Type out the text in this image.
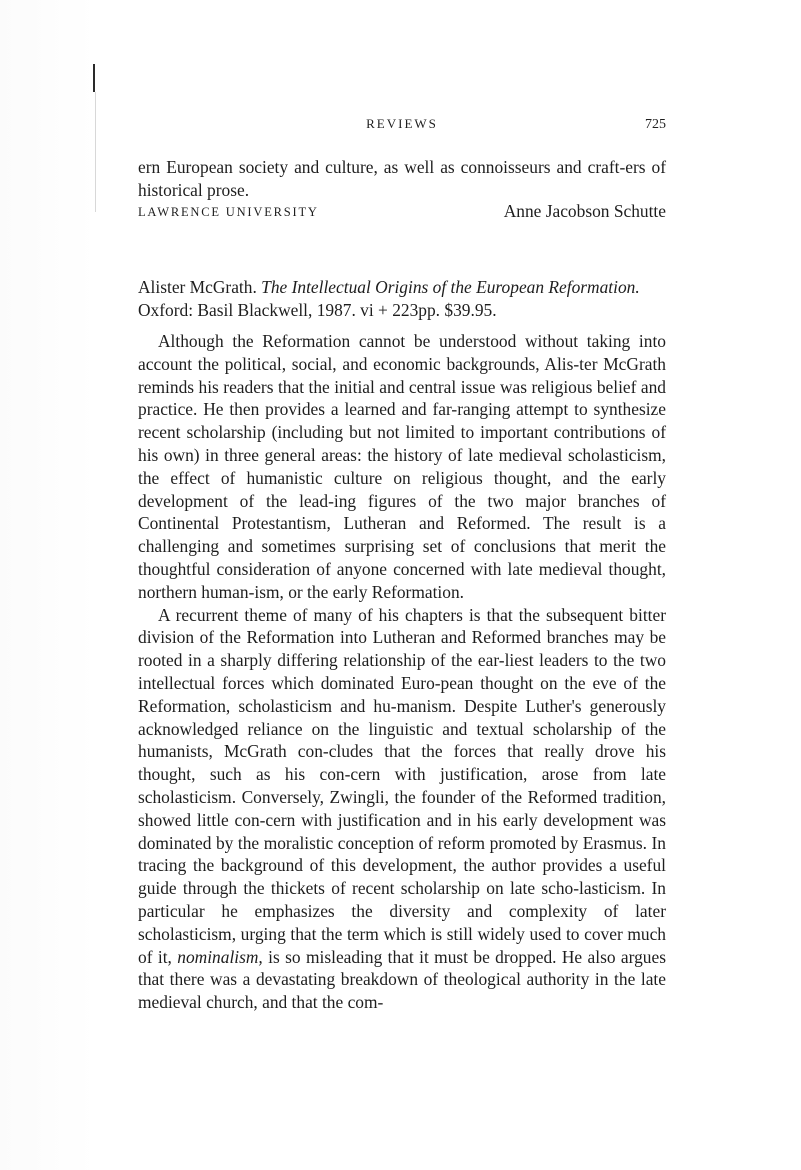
REVIEWS	725
ern European society and culture, as well as connoisseurs and craft-ers of historical prose.
LAWRENCE UNIVERSITY	Anne Jacobson Schutte
Alister McGrath. The Intellectual Origins of the European Reformation.
Oxford: Basil Blackwell, 1987. vi + 223pp. $39.95.

Although the Reformation cannot be understood without taking into account the political, social, and economic backgrounds, Alis-ter McGrath reminds his readers that the initial and central issue was religious belief and practice. He then provides a learned and far-ranging attempt to synthesize recent scholarship (including but not limited to important contributions of his own) in three general areas: the history of late medieval scholasticism, the effect of humanistic culture on religious thought, and the early development of the lead-ing figures of the two major branches of Continental Protestantism, Lutheran and Reformed. The result is a challenging and sometimes surprising set of conclusions that merit the thoughtful consideration of anyone concerned with late medieval thought, northern human-ism, or the early Reformation.

A recurrent theme of many of his chapters is that the subsequent bitter division of the Reformation into Lutheran and Reformed branches may be rooted in a sharply differing relationship of the ear-liest leaders to the two intellectual forces which dominated Euro-pean thought on the eve of the Reformation, scholasticism and hu-manism. Despite Luther's generously acknowledged reliance on the linguistic and textual scholarship of the humanists, McGrath con-cludes that the forces that really drove his thought, such as his con-cern with justification, arose from late scholasticism. Conversely, Zwingli, the founder of the Reformed tradition, showed little con-cern with justification and in his early development was dominated by the moralistic conception of reform promoted by Erasmus. In tracing the background of this development, the author provides a useful guide through the thickets of recent scholarship on late scho-lasticism. In particular he emphasizes the diversity and complexity of later scholasticism, urging that the term which is still widely used to cover much of it, nominalism, is so misleading that it must be dropped. He also argues that there was a devastating breakdown of theological authority in the late medieval church, and that the com-
